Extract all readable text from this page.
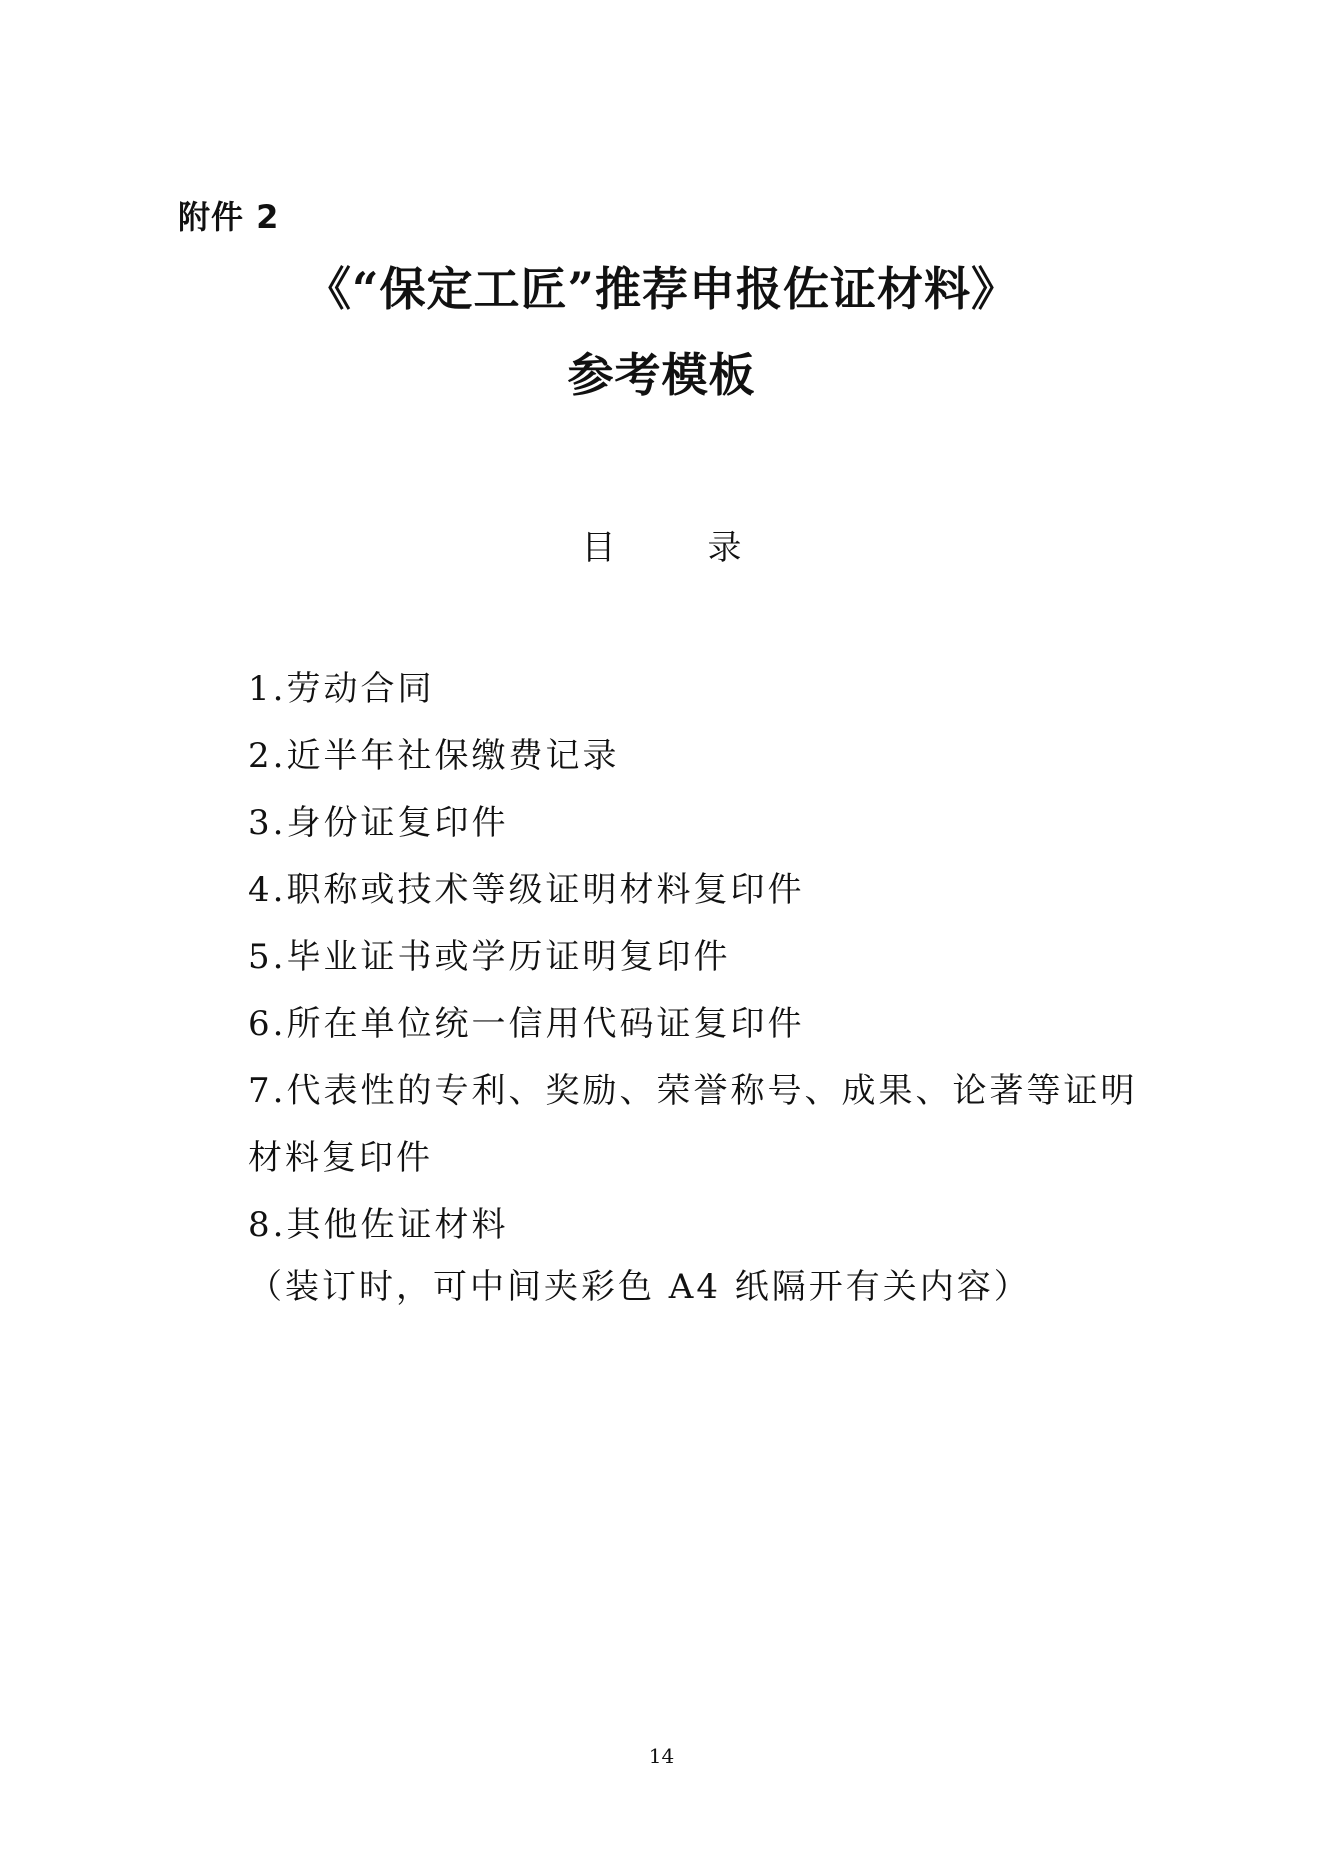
附件 2
《“保定工匠”推荐申报佐证材料》
参考模板
目录
1.劳动合同
2.近半年社保缴费记录
3.身份证复印件
4.职称或技术等级证明材料复印件
5.毕业证书或学历证明复印件
6.所在单位统一信用代码证复印件
7.代表性的专利、奖励、荣誉称号、成果、论著等证明材料复印件
8.其他佐证材料
（装订时，可中间夹彩色 A4 纸隔开有关内容）
14
